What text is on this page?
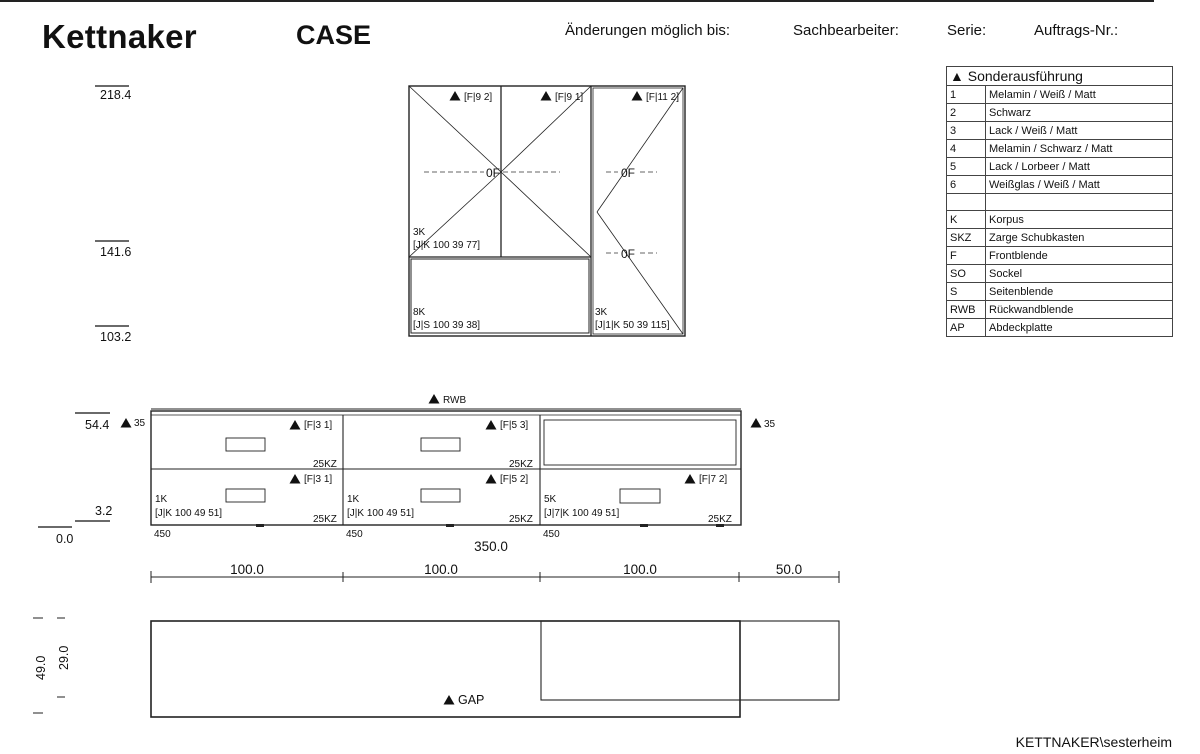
Kettnaker	CASE	Änderungen möglich bis:	Sachbearbeiter:	Serie:	Auftrags-Nr.:
218.4
141.6
103.2
54.4
3.2
0.0
[F|9 2]	[F|9 1]	[F|11 2]
0F	0F
0F
3K
[J|K 100 39 77]
8K
[J|S 100 39 38]
3K
[J|1|K 50 39 115]
RWB
35	35
[F|3 1]	[F|5 3]
25KZ	25KZ
[F|3 1]	[F|5 2]	[F|7 2]
25KZ	25KZ	25KZ
1K
[J|K 100 49 51]
1K
[J|K 100 49 51]
5K
[J|7|K 100 49 51]
450	450	450
350.0
100.0	100.0	100.0	50.0
49.0 29.0
GAP
▲ Sonderausführung	
1	Melamin / Weiß / Matt
2	Schwarz
3	Lack / Weiß / Matt
4	Melamin / Schwarz / Matt
5	Lack / Lorbeer / Matt
6	Weißglas / Weiß / Matt

K	Korpus
SKZ	Zarge Schubkasten
F	Frontblende
SO	Sockel
S	Seitenblende
RWB	Rückwandblende
AP	Abdeckplatte
KETTNAKER\sesterheim
